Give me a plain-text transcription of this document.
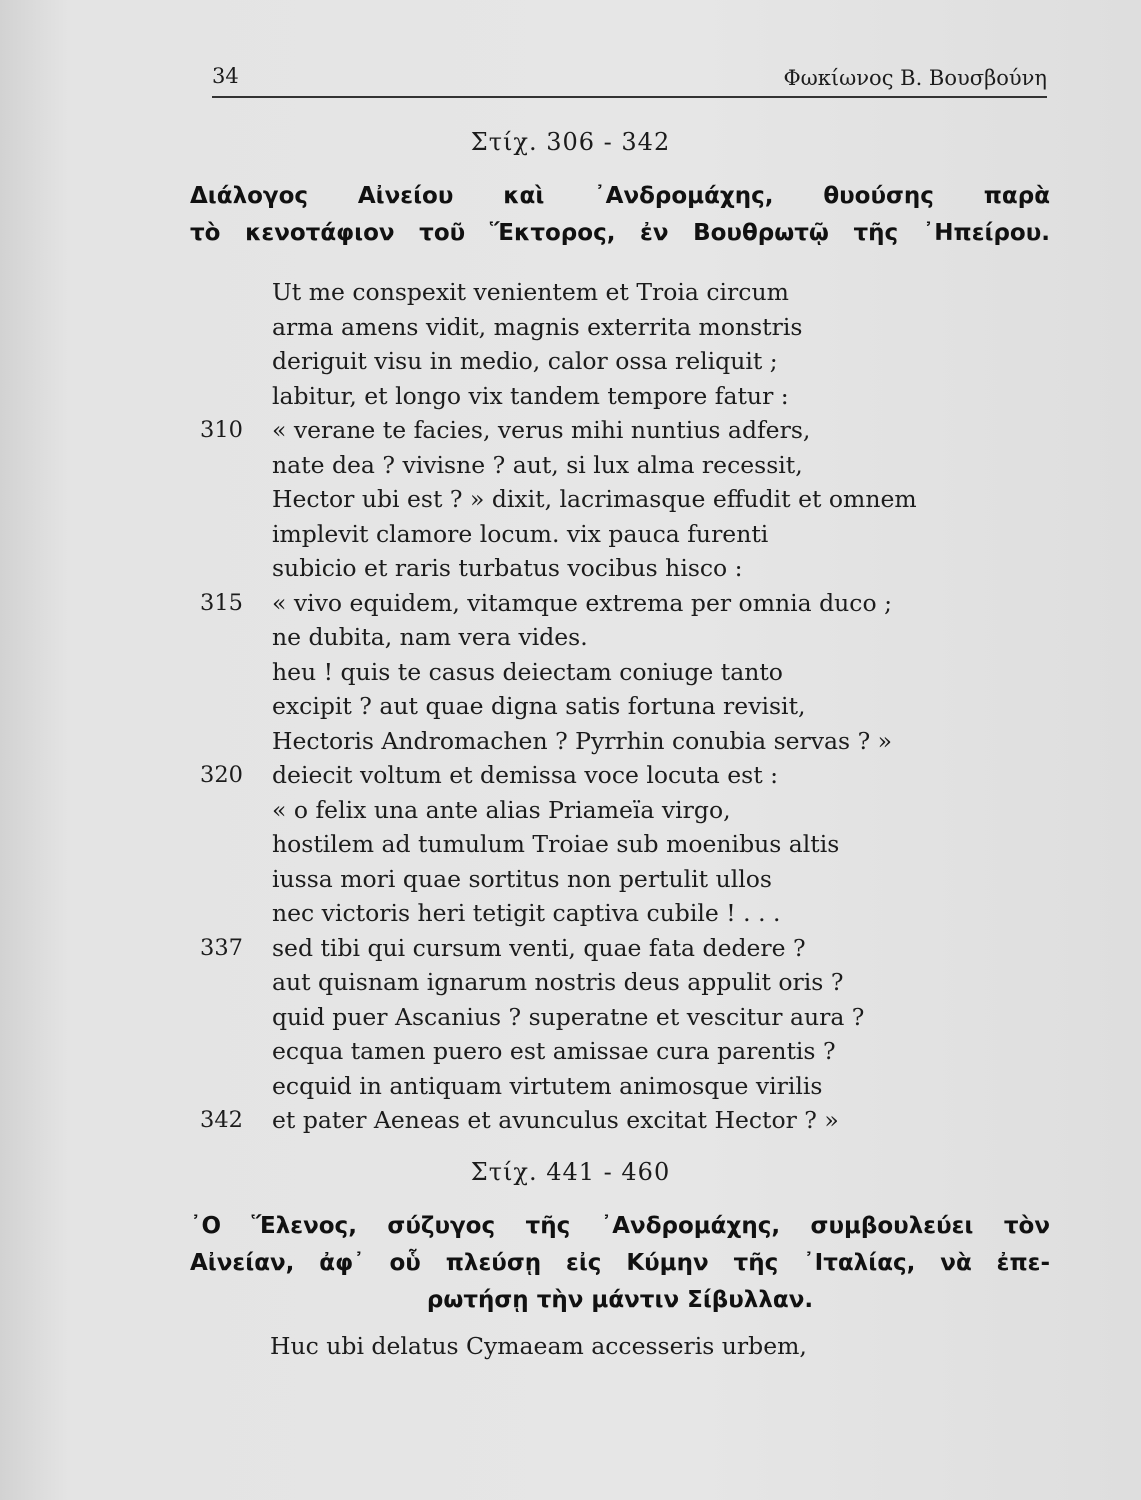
34	Φωκίωνος Β. Βουσβούνη
Στίχ. 306 - 342
Διάλογος Αἰνείου καὶ ᾿Ανδρομάχης, θυούσης παρὰ
τὸ κενοτάφιον τοῦ Ἕκτορος, ἐν Βουθρωτῷ τῆς ᾿Ηπείρου.
Ut me conspexit venientem et Troia circum
arma amens vidit, magnis exterrita monstris
deriguit visu in medio, calor ossa reliquit ;
labitur, et longo vix tandem tempore fatur :
310	« verane te facies, verus mihi nuntius adfers,
nate dea ? vivisne ? aut, si lux alma recessit,
Hector ubi est ? » dixit, lacrimasque effudit et omnem
implevit clamore locum. vix pauca furenti
subicio et raris turbatus vocibus hisco :
315	« vivo equidem, vitamque extrema per omnia duco ;
ne dubita, nam vera vides.
heu ! quis te casus deiectam coniuge tanto
excipit ? aut quae digna satis fortuna revisit,
Hectoris Andromachen ? Pyrrhin conubia servas ? »
320	deiecit voltum et demissa voce locuta est :
« o felix una ante alias Priameïa virgo,
hostilem ad tumulum Troiae sub moenibus altis
iussa mori quae sortitus non pertulit ullos
nec victoris heri tetigit captiva cubile ! . . .
337	sed tibi qui cursum venti, quae fata dedere ?
aut quisnam ignarum nostris deus appulit oris ?
quid puer Ascanius ? superatne et vescitur aura ?
ecqua tamen puero est amissae cura parentis ?
ecquid in antiquam virtutem animosque virilis
342	et pater Aeneas et avunculus excitat Hector ? »
Στίχ. 441 - 460
᾿Ο Ἕλενος, σύζυγος τῆς ᾿Ανδρομάχης, συμβουλεύει τὸν
Αἰνείαν, ἀφ᾿ οὗ πλεύσῃ εἰς Κύμην τῆς ᾿Ιταλίας, νὰ ἐπε-
ρωτήσῃ τὴν μάντιν Σίβυλλαν.
Huc ubi delatus Cymaeam accesseris urbem,
